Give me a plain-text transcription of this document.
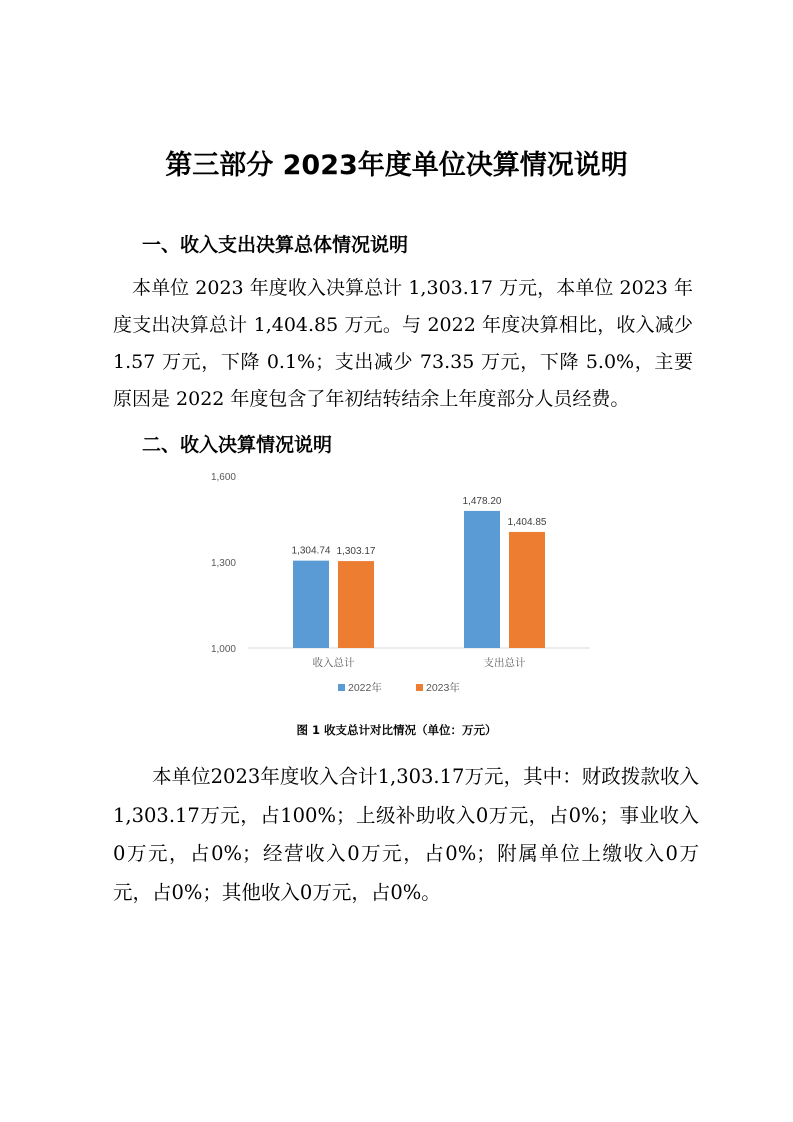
第三部分 2023年度单位决算情况说明
一、收入支出决算总体情况说明

本单位 2023 年度收入决算总计 1,303.17 万元，本单位 2023 年度支出决算总计 1,404.85 万元。与 2022 年度决算相比，收入减少 1.57 万元，下降 0.1%；支出减少 73.35 万元，下降 5.0%，主要原因是 2022 年度包含了年初结转结余上年度部分人员经费。

二、收入决算情况说明
1,000
1,300
1,600
1,304.74 1,303.17
收入总计
1,478.20
1,404.85
支出总计
2022年	2023年

图 1 收支总计对比情况（单位：万元）

本单位2023年度收入合计1,303.17万元，其中：财政拨款收入1,303.17万元，占100%；上级补助收入0万元，占0%；事业收入0万元，占0%；经营收入0万元，占0%；附属单位上缴收入0万元，占0%；其他收入0万元，占0%。
